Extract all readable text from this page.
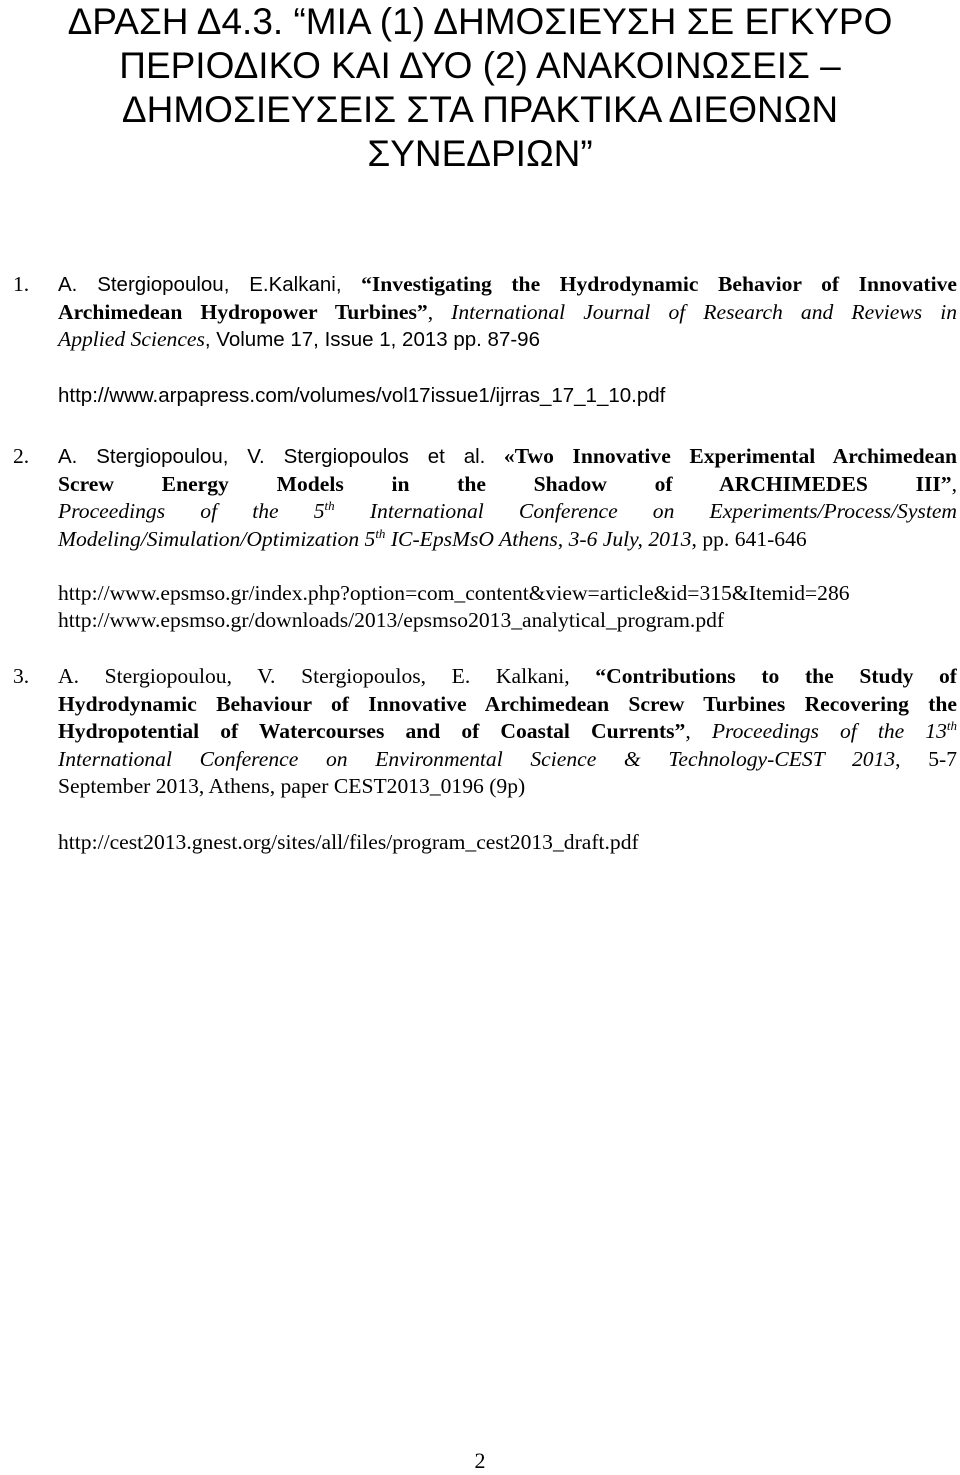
ΔΡΑΣΗ Δ4.3. “ΜΙΑ (1) ΔΗΜΟΣΙΕΥΣΗ ΣΕ ΕΓΚΥΡΟ
ΠΕΡΙΟΔΙΚΟ ΚΑΙ ΔΥΟ (2) ΑΝΑΚΟΙΝΩΣΕΙΣ –
ΔΗΜΟΣΙΕΥΣΕΙΣ ΣΤΑ ΠΡΑΚΤΙΚΑ ΔΙΕΘΝΩΝ
ΣΥΝΕΔΡΙΩΝ”
1. A. Stergiopoulou, E.Kalkani, “Investigating the Hydrodynamic Behavior of Innovative
Archimedean Hydropower Turbines”, International Journal of Research and Reviews in
Applied Sciences, Volume 17, Issue 1, 2013 pp. 87-96
http://www.arpapress.com/volumes/vol17issue1/ijrras_17_1_10.pdf
2. A. Stergiopoulou, V. Stergiopoulos et al. «Two Innovative Experimental Archimedean
Screw Energy Models in the Shadow of ARCHIMEDES III”,
Proceedings of the 5th International Conference on Experiments/Process/System
Modeling/Simulation/Optimization 5th IC-EpsMsO Athens, 3-6 July, 2013, pp. 641-646
http://www.epsmso.gr/index.php?option=com_content&view=article&id=315&Itemid=286
http://www.epsmso.gr/downloads/2013/epsmso2013_analytical_program.pdf
3. A. Stergiopoulou, V. Stergiopoulos, E. Kalkani, “Contributions to the Study of
Hydrodynamic Behaviour of Innovative Archimedean Screw Turbines Recovering the
Hydropotential of Watercourses and of Coastal Currents”, Proceedings of the 13th
International Conference on Environmental Science & Technology-CEST 2013, 5-7
September 2013, Athens, paper CEST2013_0196 (9p)
http://cest2013.gnest.org/sites/all/files/program_cest2013_draft.pdf
2
